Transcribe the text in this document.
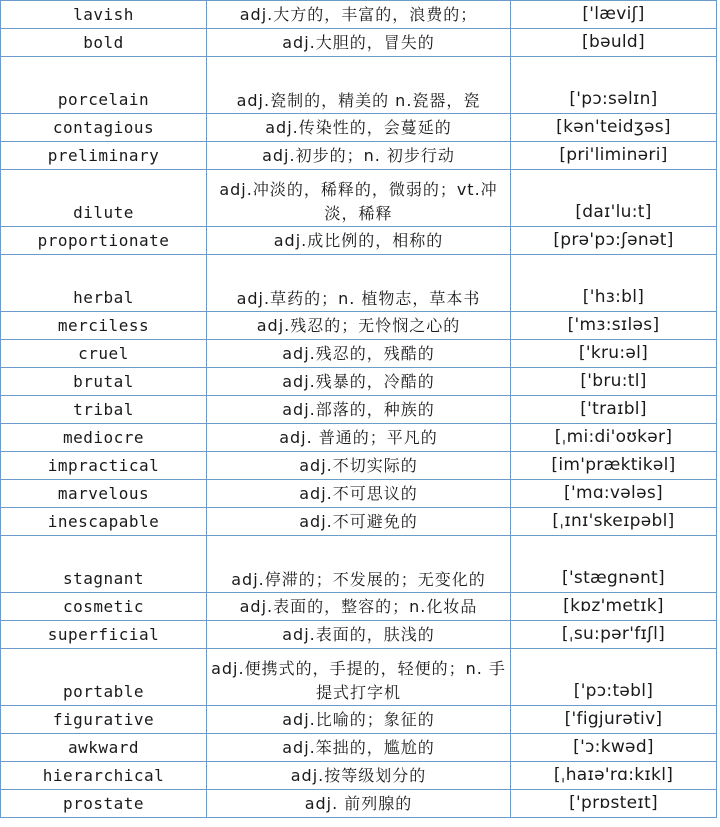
lavish	adj.大方的，丰富的，浪费的；	['læviʃ]
bold	adj.大胆的，冒失的	[bəuld]
porcelain	adj.瓷制的，精美的 n.瓷器，瓷	['pɔ:səlɪn]
contagious	adj.传染性的，会蔓延的	[kən'teidʒəs]
preliminary	adj.初步的；n. 初步行动	[pri'liminəri]
dilute	adj.冲淡的，稀释的，微弱的；vt.冲淡，稀释	[daɪ'lu:t]
proportionate	adj.成比例的，相称的	[prə'pɔ:ʃənət]
herbal	adj.草药的；n. 植物志，草本书	['hɜ:bl]
merciless	adj.残忍的；无怜悯之心的	['mɜ:sɪləs]
cruel	adj.残忍的，残酷的	['kru:əl]
brutal	adj.残暴的，冷酷的	['bru:tl]
tribal	adj.部落的，种族的	['traɪbl]
mediocre	adj. 普通的；平凡的	[ˌmi:di'oʊkər]
impractical	adj.不切实际的	[im'præktikəl]
marvelous	adj.不可思议的	['mɑ:vələs]
inescapable	adj.不可避免的	[ˌɪnɪ'skeɪpəbl]
stagnant	adj.停滞的；不发展的；无变化的	['stægnənt]
cosmetic	adj.表面的，整容的；n.化妆品	[kɒz'metɪk]
superficial	adj.表面的，肤浅的	[ˌsu:pər'fɪʃl]
portable	adj.便携式的，手提的，轻便的；n. 手提式打字机	['pɔ:təbl]
figurative	adj.比喻的；象征的	['figjurətiv]
awkward	adj.笨拙的，尴尬的	['ɔ:kwəd]
hierarchical	adj.按等级划分的	[ˌhaɪə'rɑ:kɪkl]
prostate	adj. 前列腺的	['prɒsteɪt]
